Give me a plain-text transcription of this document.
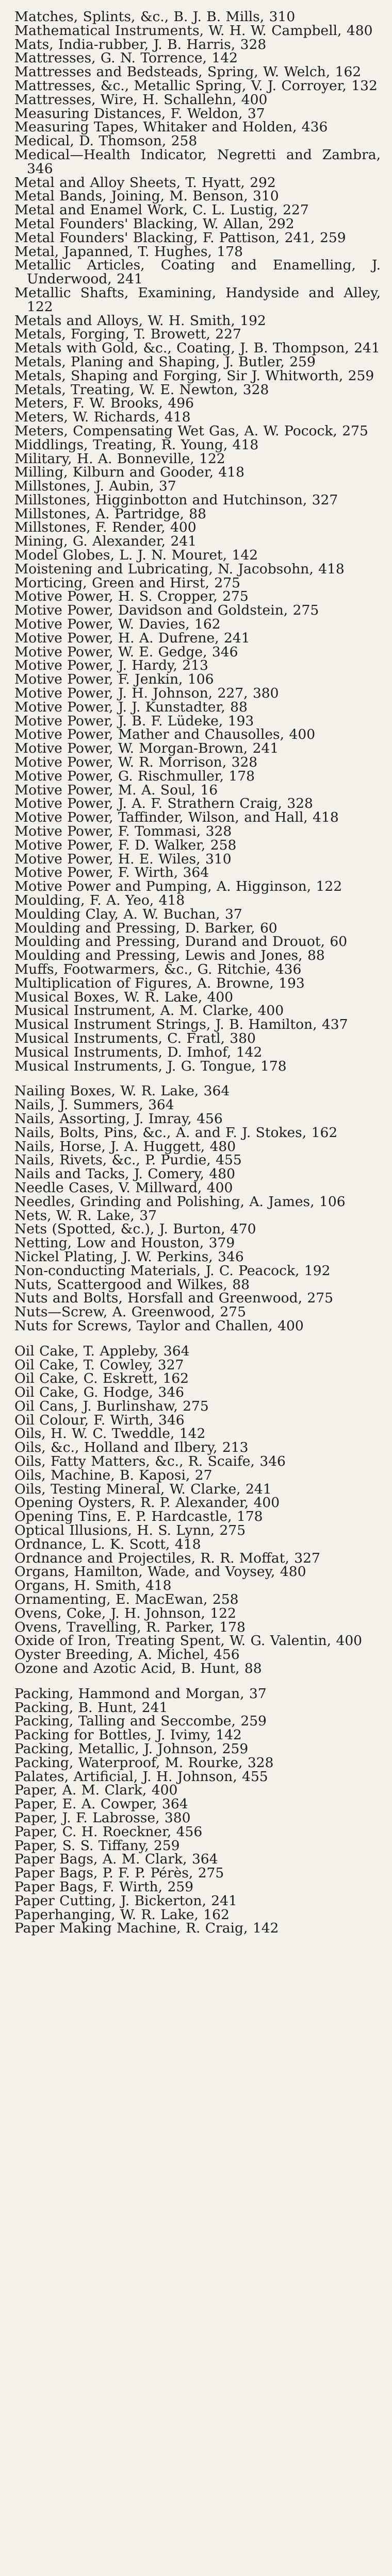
Matches, Splints, &c., B. J. B. Mills, 310

Mathematical Instruments, W. H. W. Campbell, 480

Mats, India-rubber, J. B. Harris, 328

Mattresses, G. N. Torrence, 142

Mattresses and Bedsteads, Spring, W. Welch, 162

Mattresses, &c., Metallic Spring, V. J. Corroyer, 132

Mattresses, Wire, H. Schallehn, 400

Measuring Distances, F. Weldon, 37

Measuring Tapes, Whitaker and Holden, 436

Medical, D. Thomson, 258

Medical—Health Indicator, Negretti and Zambra, 346

Metal and Alloy Sheets, T. Hyatt, 292

Metal Bands, Joining, M. Benson, 310

Metal and Enamel Work, C. L. Lustig, 227

Metal Founders' Blacking, W. Allan, 292

Metal Founders' Blacking, F. Pattison, 241, 259

Metal, Japanned, T. Hughes, 178

Metallic Articles, Coating and Enamelling, J. Underwood, 241

Metallic Shafts, Examining, Handyside and Alley, 122

Metals and Alloys, W. H. Smith, 192

Metals, Forging, T. Browett, 227

Metals with Gold, &c., Coating, J. B. Thompson, 241

Metals, Planing and Shaping, J. Butler, 259

Metals, Shaping and Forging, Sir J. Whitworth, 259

Metals, Treating, W. E. Newton, 328

Meters, F. W. Brooks, 496

Meters, W. Richards, 418

Meters, Compensating Wet Gas, A. W. Pocock, 275

Middlings, Treating, R. Young, 418

Military, H. A. Bonneville, 122

Milling, Kilburn and Gooder, 418

Millstones, J. Aubin, 37

Millstones, Higginbotton and Hutchinson, 327

Millstones, A. Partridge, 88

Millstones, F. Render, 400

Mining, G. Alexander, 241

Model Globes, L. J. N. Mouret, 142

Moistening and Lubricating, N. Jacobsohn, 418

Morticing, Green and Hirst, 275

Motive Power, H. S. Cropper, 275

Motive Power, Davidson and Goldstein, 275

Motive Power, W. Davies, 162

Motive Power, H. A. Dufrene, 241

Motive Power, W. E. Gedge, 346

Motive Power, J. Hardy, 213

Motive Power, F. Jenkin, 106

Motive Power, J. H. Johnson, 227, 380

Motive Power, J. J. Kunstadter, 88

Motive Power, J. B. F. Lüdeke, 193

Motive Power, Mather and Chausolles, 400

Motive Power, W. Morgan-Brown, 241

Motive Power, W. R. Morrison, 328

Motive Power, G. Rischmuller, 178

Motive Power, M. A. Soul, 16

Motive Power, J. A. F. Strathern Craig, 328

Motive Power, Taffinder, Wilson, and Hall, 418

Motive Power, F. Tommasi, 328

Motive Power, F. D. Walker, 258

Motive Power, H. E. Wiles, 310

Motive Power, F. Wirth, 364

Motive Power and Pumping, A. Higginson, 122

Moulding, F. A. Yeo, 418

Moulding Clay, A. W. Buchan, 37

Moulding and Pressing, D. Barker, 60

Moulding and Pressing, Durand and Drouot, 60

Moulding and Pressing, Lewis and Jones, 88

Muffs, Footwarmers, &c., G. Ritchie, 436

Multiplication of Figures, A. Browne, 193

Musical Boxes, W. R. Lake, 400

Musical Instrument, A. M. Clarke, 400

Musical Instrument Strings, J. B. Hamilton, 437

Musical Instruments, C. Fratl, 380

Musical Instruments, D. Imhof, 142

Musical Instruments, J. G. Tongue, 178

Nailing Boxes, W. R. Lake, 364

Nails, J. Summers, 364

Nails, Assorting, J. Imray, 456

Nails, Bolts, Pins, &c., A. and F. J. Stokes, 162

Nails, Horse, J. A. Huggett, 480

Nails, Rivets, &c., P. Purdie, 455

Nails and Tacks, J. Comery, 480

Needle Cases, V. Millward, 400

Needles, Grinding and Polishing, A. James, 106

Nets, W. R. Lake, 37

Nets (Spotted, &c.), J. Burton, 470

Netting, Low and Houston, 379

Nickel Plating, J. W. Perkins, 346

Non-conducting Materials, J. C. Peacock, 192

Nuts, Scattergood and Wilkes, 88

Nuts and Bolts, Horsfall and Greenwood, 275

Nuts—Screw, A. Greenwood, 275

Nuts for Screws, Taylor and Challen, 400

Oil Cake, T. Appleby, 364

Oil Cake, T. Cowley, 327

Oil Cake, C. Eskrett, 162

Oil Cake, G. Hodge, 346

Oil Cans, J. Burlinshaw, 275

Oil Colour, F. Wirth, 346

Oils, H. W. C. Tweddle, 142

Oils, &c., Holland and Ilbery, 213

Oils, Fatty Matters, &c., R. Scaife, 346

Oils, Machine, B. Kaposi, 27

Oils, Testing Mineral, W. Clarke, 241

Opening Oysters, R. P. Alexander, 400

Opening Tins, E. P. Hardcastle, 178

Optical Illusions, H. S. Lynn, 275

Ordnance, L. K. Scott, 418

Ordnance and Projectiles, R. R. Moffat, 327

Organs, Hamilton, Wade, and Voysey, 480

Organs, H. Smith, 418

Ornamenting, E. MacEwan, 258

Ovens, Coke, J. H. Johnson, 122

Ovens, Travelling, R. Parker, 178

Oxide of Iron, Treating Spent, W. G. Valentin, 400

Oyster Breeding, A. Michel, 456

Ozone and Azotic Acid, B. Hunt, 88

Packing, Hammond and Morgan, 37

Packing, B. Hunt, 241

Packing, Talling and Seccombe, 259

Packing for Bottles, J. Ivimy, 142

Packing, Metallic, J. Johnson, 259

Packing, Waterproof, M. Rourke, 328

Palates, Artificial, J. H. Johnson, 455

Paper, A. M. Clark, 400

Paper, E. A. Cowper, 364

Paper, J. F. Labrosse, 380

Paper, C. H. Roeckner, 456

Paper, S. S. Tiffany, 259

Paper Bags, A. M. Clark, 364

Paper Bags, P. F. P. Pérès, 275

Paper Bags, F. Wirth, 259

Paper Cutting, J. Bickerton, 241

Paperhanging, W. R. Lake, 162

Paper Making Machine, R. Craig, 142
